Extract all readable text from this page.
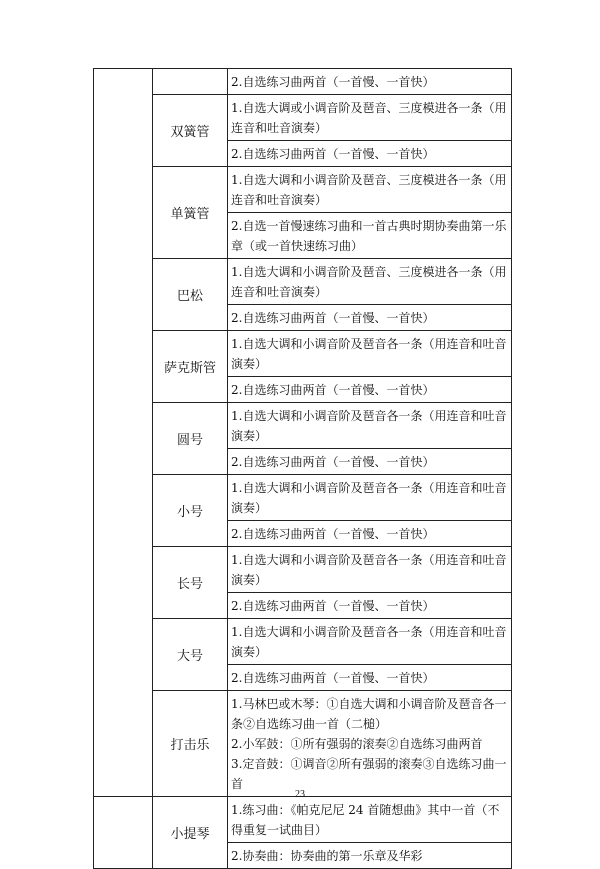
		2.自选练习曲两首（一首慢、一首快）

	双簧管	1.自选大调或小调音阶及琶音、三度模进各一条（用连音和吐音演奏）

		2.自选练习曲两首（一首慢、一首快）

	单簧管	1.自选大调和小调音阶及琶音、三度模进各一条（用连音和吐音演奏）

		2.自选一首慢速练习曲和一首古典时期协奏曲第一乐章（或一首快速练习曲）

	巴松	1.自选大调和小调音阶及琶音、三度模进各一条（用连音和吐音演奏）

		2.自选练习曲两首（一首慢、一首快）

	萨克斯管	1.自选大调和小调音阶及琶音各一条（用连音和吐音演奏）

		2.自选练习曲两首（一首慢、一首快）

	圆号	1.自选大调和小调音阶及琶音各一条（用连音和吐音演奏）

		2.自选练习曲两首（一首慢、一首快）

	小号	1.自选大调和小调音阶及琶音各一条（用连音和吐音演奏）

		2.自选练习曲两首（一首慢、一首快）

	长号	1.自选大调和小调音阶及琶音各一条（用连音和吐音演奏）

		2.自选练习曲两首（一首慢、一首快）

	大号	1.自选大调和小调音阶及琶音各一条（用连音和吐音演奏）

		2.自选练习曲两首（一首慢、一首快）

	打击乐	1.马林巴或木琴：①自选大调和小调音阶及琶音各一条②自选练习曲一首（二槌）
2.小军鼓：①所有强弱的滚奏②自选练习曲两首
3.定音鼓：①调音②所有强弱的滚奏③自选练习曲一首

	小提琴	1.练习曲：《帕克尼尼 24 首随想曲》其中一首（不得重复一试曲目）

		2.协奏曲：协奏曲的第一乐章及华彩
23
